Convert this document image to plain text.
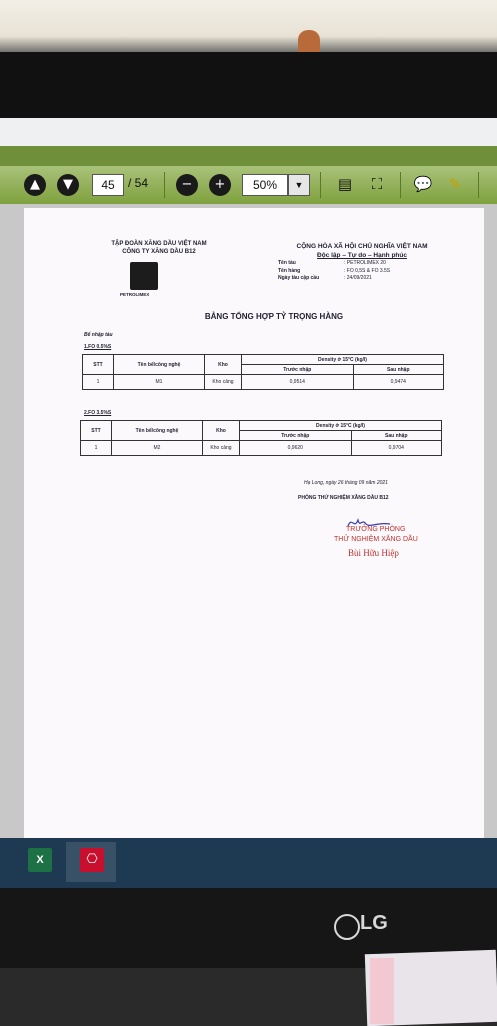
▲	▼	45	/ 54	−	+	50%	▼	▤	⛶	💬	✎
TẬP ĐOÀN XĂNG DẦU VIỆT NAM
CÔNG TY XĂNG DẦU B12
PETROLIMEX
CỘNG HÒA XÃ HỘI CHỦ NGHĨA VIỆT NAM
Độc lập – Tự do – Hạnh phúc
Tên tàu	: PETROLIMEX 20
Tên hàng	: FO 0,5S & FO 3.5S
Ngày tàu cập cầu	: 24/09/2021
BẢNG TỔNG HỢP TỶ TRỌNG HÀNG
Bể nhập tàu
1.FO 0.5%S
STT	Tên bể/công nghệ	Kho	Density ở 15°C (kg/l)	
			Trước nhập	Sau nhập
1	M1	Kho cảng	0,9514	0,9474
2.FO 3.5%S
STT	Tên bể/công nghệ	Kho	Density ở 15°C (kg/l)	
			Trước nhập	Sau nhập
1	M2	Kho cảng	0,9620	0,9704
Hạ Long, ngày 26 tháng 09 năm 2021
PHÒNG THỬ NGHIỆM XĂNG DẦU B12
TRƯỞNG PHÒNG
THỬ NGHIỆM XĂNG DẦU
Bùi Hữu Hiệp
X	⎔
LG
